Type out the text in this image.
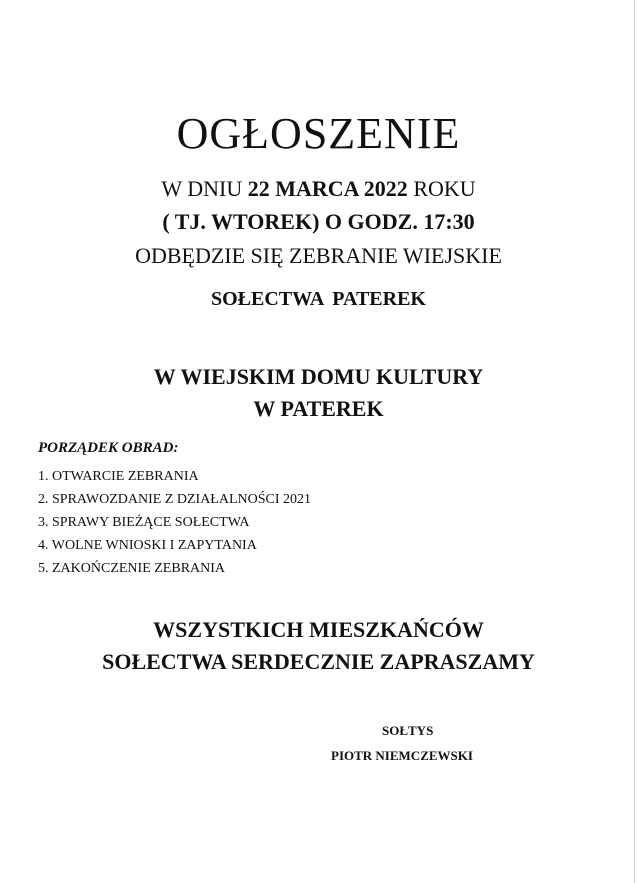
OGŁOSZENIE
W DNIU 22 MARCA 2022 ROKU
( TJ. WTOREK) O GODZ. 17:30
ODBĘDZIE SIĘ ZEBRANIE WIEJSKIE
SOŁECTWA PATEREK
W WIEJSKIM DOMU KULTURY
W PATEREK
PORZĄDEK OBRAD:
1. OTWARCIE ZEBRANIA
2. SPRAWOZDANIE Z DZIAŁALNOŚCI 2021
3. SPRAWY BIEŻĄCE SOŁECTWA
4. WOLNE WNIOSKI I ZAPYTANIA
5. ZAKOŃCZENIE ZEBRANIA
WSZYSTKICH MIESZKAŃCÓW
SOŁECTWA SERDECZNIE ZAPRASZAMY
SOŁTYS
PIOTR NIEMCZEWSKI
